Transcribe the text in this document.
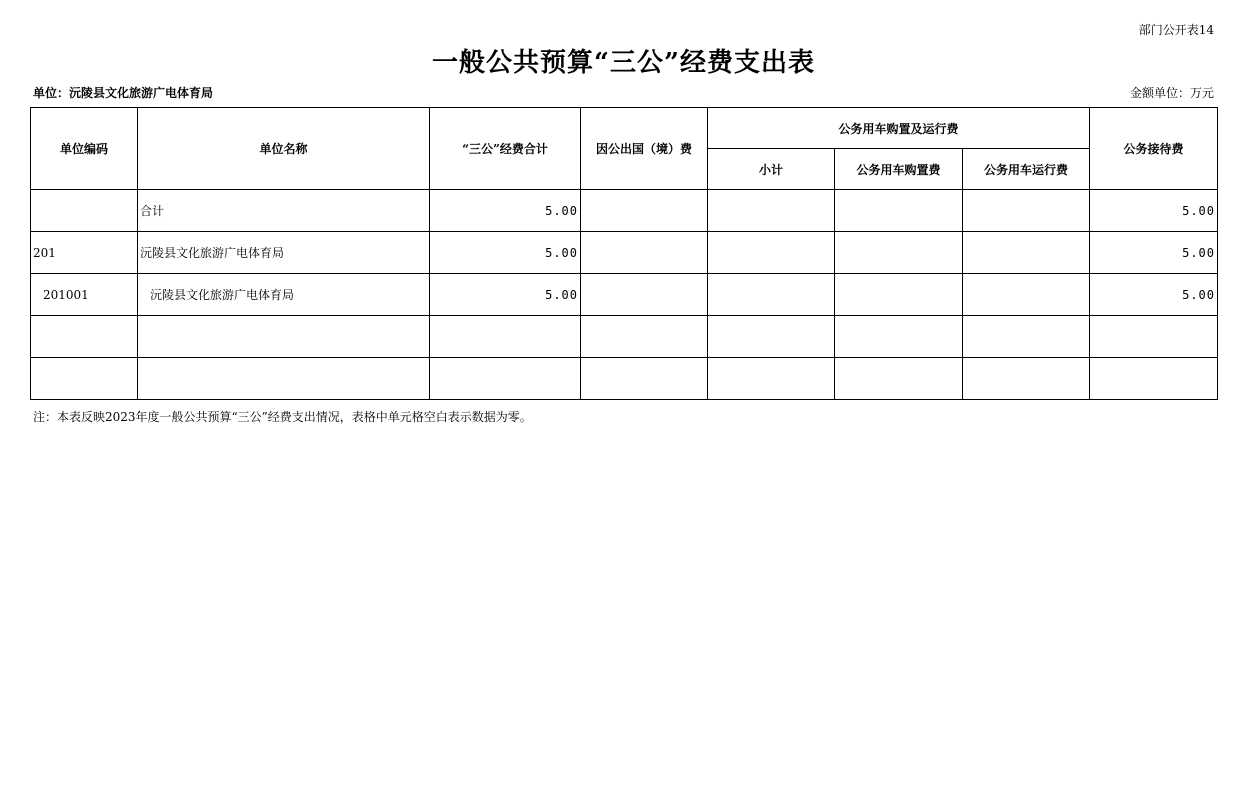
部门公开表14
一般公共预算“三公”经费支出表
单位：沅陵县文化旅游广电体育局	金额单位：万元
单位编码	单位名称	“三公”经费合计	因公出国（境）费	公务用车购置及运行费			公务接待费
				小计	公务用车购置费	公务用车运行费	
	合计	5.00					5.00
201	沅陵县文化旅游广电体育局	5.00					5.00
201001	沅陵县文化旅游广电体育局	5.00					5.00

注：本表反映2023年度一般公共预算“三公”经费支出情况，表格中单元格空白表示数据为零。
